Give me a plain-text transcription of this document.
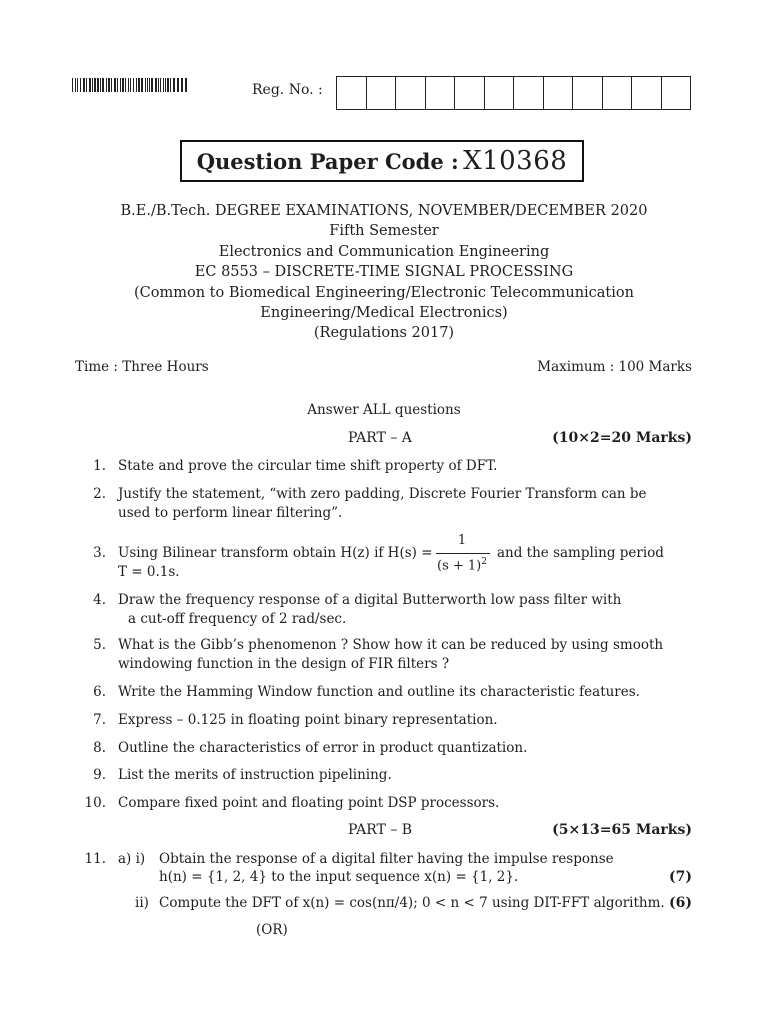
Reg. No. :
Question Paper Code : X10368
B.E./B.Tech. DEGREE EXAMINATIONS, NOVEMBER/DECEMBER 2020
Fifth Semester
Electronics and Communication Engineering
EC 8553 – DISCRETE-TIME SIGNAL PROCESSING
(Common to Biomedical Engineering/Electronic Telecommunication
Engineering/Medical Electronics)
(Regulations 2017)
Time : Three Hours	Maximum : 100 Marks
Answer ALL questions
PART – A	(10×2=20 Marks)
1. State and prove the circular time shift property of DFT.
2. Justify the statement, “with zero padding, Discrete Fourier Transform can be
used to perform linear filtering”.
3. Using Bilinear transform obtain H(z) if H(s) =
1
$(s + 1)^2$
and the sampling period
T = 0.1s.
4. Draw the frequency response of a digital Butterworth low pass filter with
a cut-off frequency of 2 rad/sec.
5. What is the Gibb’s phenomenon ? Show how it can be reduced by using smooth
windowing function in the design of FIR filters ?
6. Write the Hamming Window function and outline its characteristic features.
7. Express – 0.125 in floating point binary representation.
8. Outline the characteristics of error in product quantization.
9. List the merits of instruction pipelining.
10. Compare fixed point and floating point DSP processors.
PART – B	(5×13=65 Marks)
11. a) i) Obtain the response of a digital filter having the impulse response
h(n) = {1, 2, 4} to the input sequence x(n) = {1, 2}.	(7)
ii) Compute the DFT of x(n) = cos(nπ/4); 0 < n < 7 using DIT-FFT algorithm. (6)
(OR)
